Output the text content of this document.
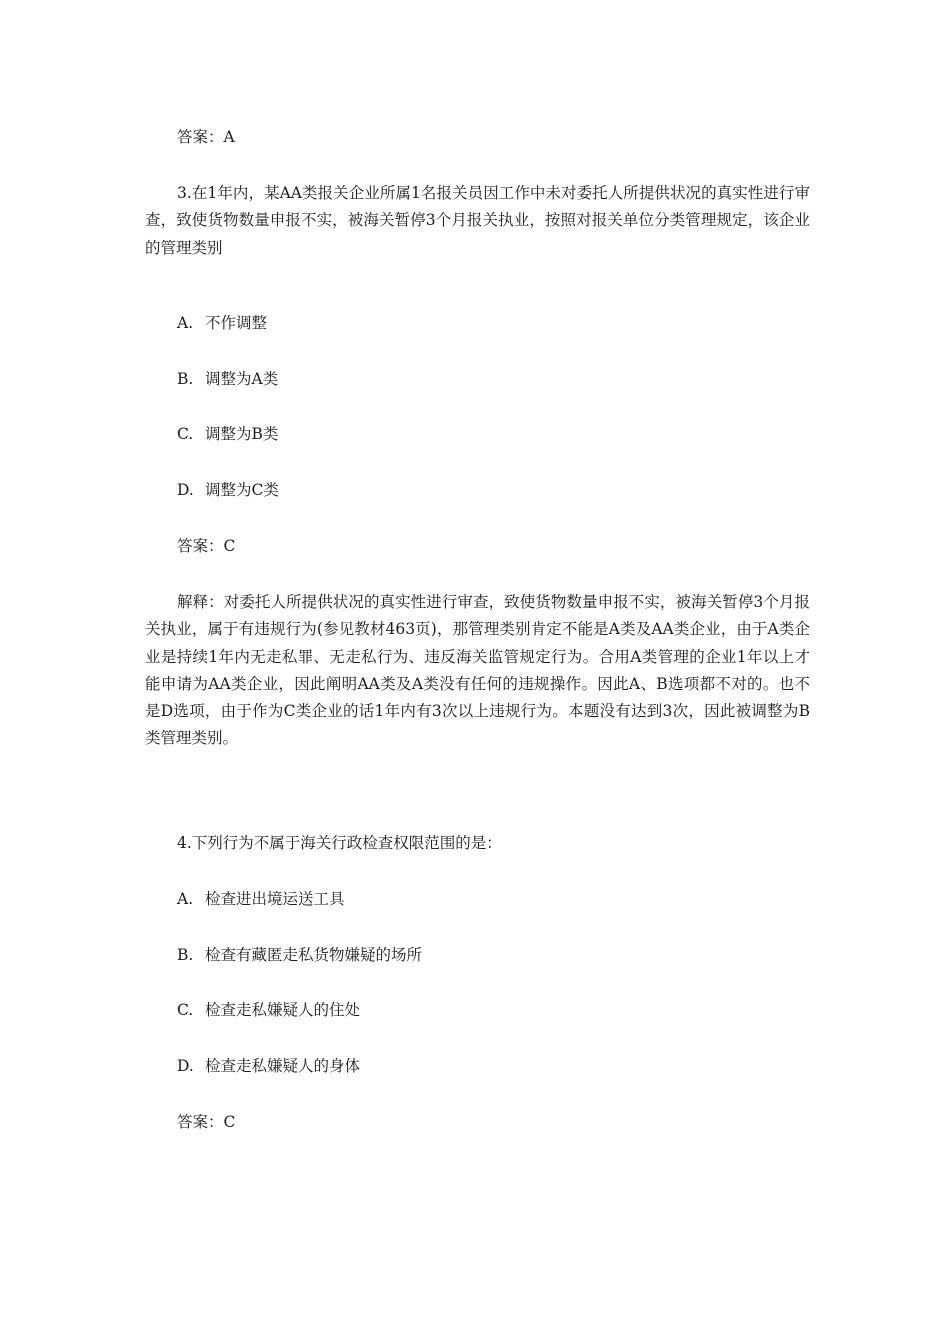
答案：A
3.在1年内，某AA类报关企业所属1名报关员因工作中未对委托人所提供状况的真实性进行审查，致使货物数量申报不实，被海关暂停3个月报关执业，按照对报关单位分类管理规定，该企业的管理类别
A. 不作调整
B. 调整为A类
C. 调整为B类
D. 调整为C类
答案：C
解释：对委托人所提供状况的真实性进行审查，致使货物数量申报不实，被海关暂停3个月报关执业，属于有违规行为(参见教材463页)，那管理类别肯定不能是A类及AA类企业，由于A类企业是持续1年内无走私罪、无走私行为、违反海关监管规定行为。合用A类管理的企业1年以上才能申请为AA类企业，因此阐明AA类及A类没有任何的违规操作。因此A、B选项都不对的。也不是D选项，由于作为C类企业的话1年内有3次以上违规行为。本题没有达到3次，因此被调整为B类管理类别。
4.下列行为不属于海关行政检查权限范围的是：
A. 检查进出境运送工具
B. 检查有藏匿走私货物嫌疑的场所
C. 检查走私嫌疑人的住处
D. 检查走私嫌疑人的身体
答案：C
